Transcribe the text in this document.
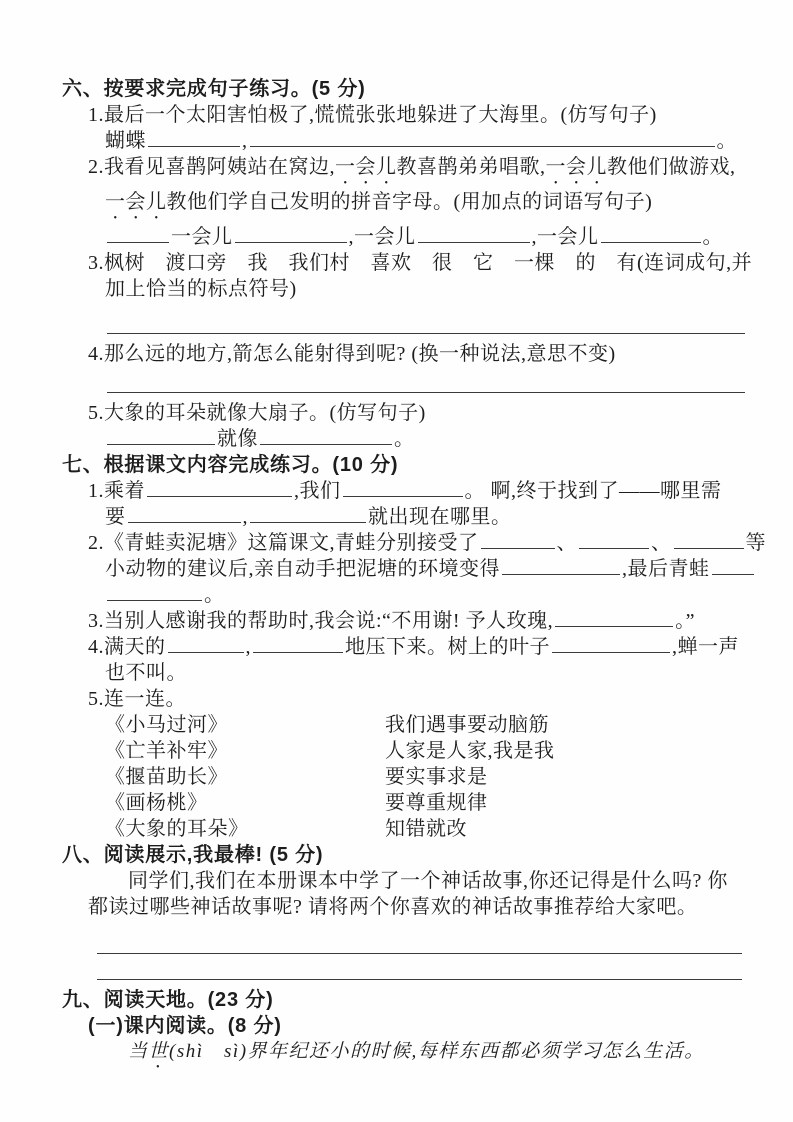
六、按要求完成句子练习。(5 分)
1.最后一个太阳害怕极了,慌慌张张地躲进了大海里。(仿写句子)
蝴蝶	,	。
2.我看见喜鹊阿姨站在窝边,一会儿教喜鹊弟弟唱歌,一会儿教他们做游戏,
一会儿教他们学自己发明的拼音字母。(用加点的词语写句子)
一会儿	,一会儿	,一会儿	。
3.枫树　渡口旁　我　我们村　喜欢　很　它　一棵　的　有(连词成句,并
加上恰当的标点符号)
4.那么远的地方,箭怎么能射得到呢? (换一种说法,意思不变)
5.大象的耳朵就像大扇子。(仿写句子)
就像	。
七、根据课文内容完成练习。(10 分)
1.乘着	,我们	。 啊,终于找到了——哪里需
要	,	就出现在哪里。
2.《青蛙卖泥塘》这篇课文,青蛙分别接受了	、	、	等
小动物的建议后,亲自动手把泥塘的环境变得	,最后青蛙
。
3.当别人感谢我的帮助时,我会说:“不用谢! 予人玫瑰,	。”
4.满天的	,	地压下来。树上的叶子	,蝉一声
也不叫。
5.连一连。
《小马过河》	我们遇事要动脑筋
《亡羊补牢》	人家是人家,我是我
《揠苗助长》	要实事求是
《画杨桃》	要尊重规律
《大象的耳朵》	知错就改
八、阅读展示,我最棒! (5 分)
同学们,我们在本册课本中学了一个神话故事,你还记得是什么吗? 你
都读过哪些神话故事呢? 请将两个你喜欢的神话故事推荐给大家吧。
九、阅读天地。(23 分)
(一)课内阅读。(8 分)
当世(shì　sì)界年纪还小的时候,每样东西都必须学习怎么生活。
